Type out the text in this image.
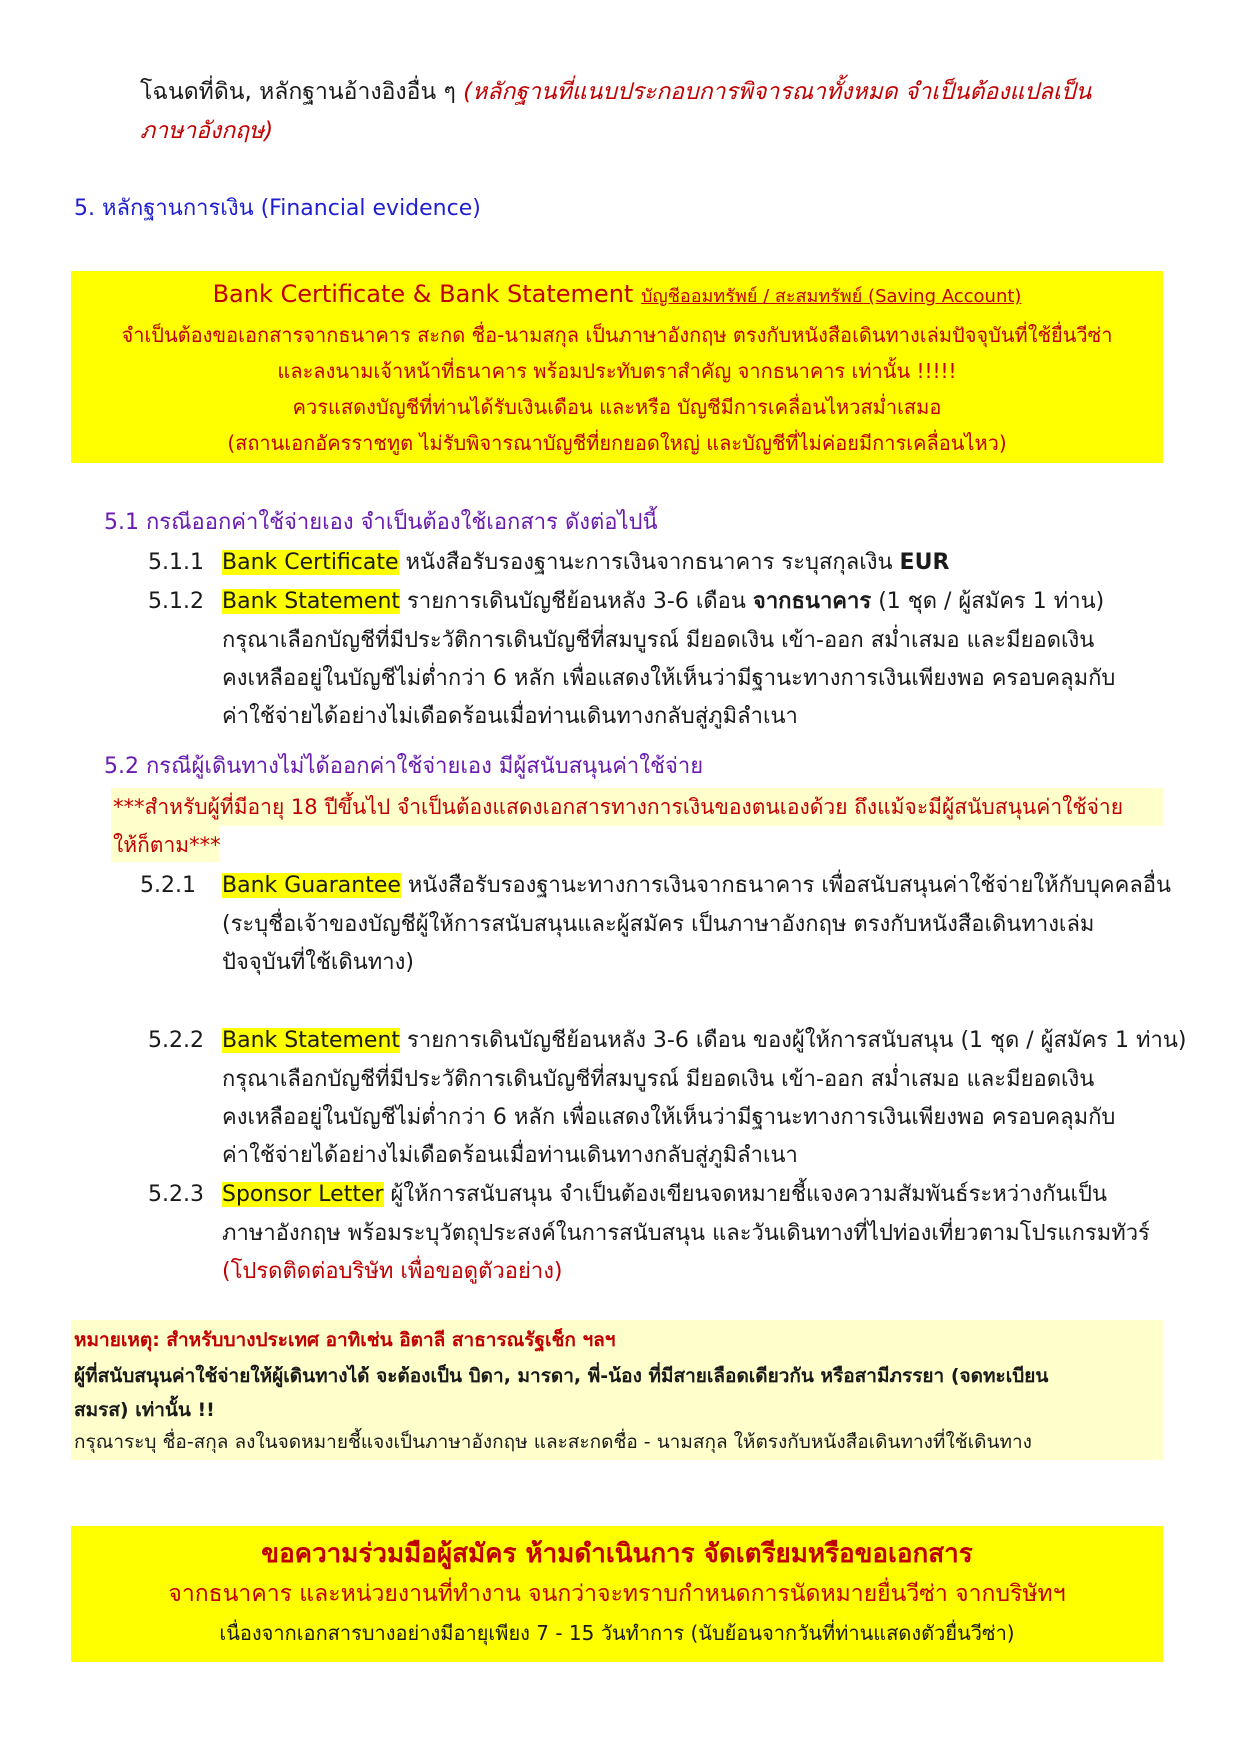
โฉนดที่ดิน, หลักฐานอ้างอิงอื่น ๆ (หลักฐานที่แนบประกอบการพิจารณาทั้งหมด จำเป็นต้องแปลเป็น
ภาษาอังกฤษ)
5. หลักฐานการเงิน (Financial evidence)
Bank Certificate & Bank Statement บัญชีออมทรัพย์ / สะสมทรัพย์ (Saving Account)
จำเป็นต้องขอเอกสารจากธนาคาร สะกด ชื่อ-นามสกุล เป็นภาษาอังกฤษ ตรงกับหนังสือเดินทางเล่มปัจจุบันที่ใช้ยื่นวีซ่า
และลงนามเจ้าหน้าที่ธนาคาร พร้อมประทับตราสำคัญ จากธนาคาร เท่านั้น !!!!!
ควรแสดงบัญชีที่ท่านได้รับเงินเดือน และหรือ บัญชีมีการเคลื่อนไหวสม่ำเสมอ
(สถานเอกอัครราชทูต ไม่รับพิจารณาบัญชีที่ยกยอดใหญ่ และบัญชีที่ไม่ค่อยมีการเคลื่อนไหว)
5.1 กรณีออกค่าใช้จ่ายเอง จำเป็นต้องใช้เอกสาร ดังต่อไปนี้
5.1.1 Bank Certificate หนังสือรับรองฐานะการเงินจากธนาคาร ระบุสกุลเงิน EUR
5.1.2 Bank Statement รายการเดินบัญชีย้อนหลัง 3-6 เดือน จากธนาคาร (1 ชุด / ผู้สมัคร 1 ท่าน)
กรุณาเลือกบัญชีที่มีประวัติการเดินบัญชีที่สมบูรณ์ มียอดเงิน เข้า-ออก สม่ำเสมอ และมียอดเงิน
คงเหลืออยู่ในบัญชีไม่ต่ำกว่า 6 หลัก เพื่อแสดงให้เห็นว่ามีฐานะทางการเงินเพียงพอ ครอบคลุมกับ
ค่าใช้จ่ายได้อย่างไม่เดือดร้อนเมื่อท่านเดินทางกลับสู่ภูมิลำเนา
5.2 กรณีผู้เดินทางไม่ได้ออกค่าใช้จ่ายเอง มีผู้สนับสนุนค่าใช้จ่าย
***สำหรับผู้ที่มีอายุ 18 ปีขึ้นไป จำเป็นต้องแสดงเอกสารทางการเงินของตนเองด้วย ถึงแม้จะมีผู้สนับสนุนค่าใช้จ่าย
ให้ก็ตาม***
5.2.1 Bank Guarantee หนังสือรับรองฐานะทางการเงินจากธนาคาร เพื่อสนับสนุนค่าใช้จ่ายให้กับบุคคลอื่น
(ระบุชื่อเจ้าของบัญชีผู้ให้การสนับสนุนและผู้สมัคร เป็นภาษาอังกฤษ ตรงกับหนังสือเดินทางเล่ม
ปัจจุบันที่ใช้เดินทาง)
5.2.2 Bank Statement รายการเดินบัญชีย้อนหลัง 3-6 เดือน ของผู้ให้การสนับสนุน (1 ชุด / ผู้สมัคร 1 ท่าน)
กรุณาเลือกบัญชีที่มีประวัติการเดินบัญชีที่สมบูรณ์ มียอดเงิน เข้า-ออก สม่ำเสมอ และมียอดเงิน
คงเหลืออยู่ในบัญชีไม่ต่ำกว่า 6 หลัก เพื่อแสดงให้เห็นว่ามีฐานะทางการเงินเพียงพอ ครอบคลุมกับ
ค่าใช้จ่ายได้อย่างไม่เดือดร้อนเมื่อท่านเดินทางกลับสู่ภูมิลำเนา
5.2.3 Sponsor Letter ผู้ให้การสนับสนุน จำเป็นต้องเขียนจดหมายชี้แจงความสัมพันธ์ระหว่างกันเป็น
ภาษาอังกฤษ พร้อมระบุวัตถุประสงค์ในการสนับสนุน และวันเดินทางที่ไปท่องเที่ยวตามโปรแกรมทัวร์
(โปรดติดต่อบริษัท เพื่อขอดูตัวอย่าง)
หมายเหตุ: สำหรับบางประเทศ อาทิเช่น อิตาลี สาธารณรัฐเช็ก ฯลฯ
ผู้ที่สนับสนุนค่าใช้จ่ายให้ผู้เดินทางได้ จะต้องเป็น บิดา, มารดา, พี่-น้อง ที่มีสายเลือดเดียวกัน หรือสามีภรรยา (จดทะเบียน
สมรส) เท่านั้น !!
กรุณาระบุ ชื่อ-สกุล ลงในจดหมายชี้แจงเป็นภาษาอังกฤษ และสะกดชื่อ - นามสกุล ให้ตรงกับหนังสือเดินทางที่ใช้เดินทาง
ขอความร่วมมือผู้สมัคร ห้ามดำเนินการ จัดเตรียมหรือขอเอกสาร
จากธนาคาร และหน่วยงานที่ทำงาน จนกว่าจะทราบกำหนดการนัดหมายยื่นวีซ่า จากบริษัทฯ
เนื่องจากเอกสารบางอย่างมีอายุเพียง 7 - 15 วันทำการ (นับย้อนจากวันที่ท่านแสดงตัวยื่นวีซ่า)
